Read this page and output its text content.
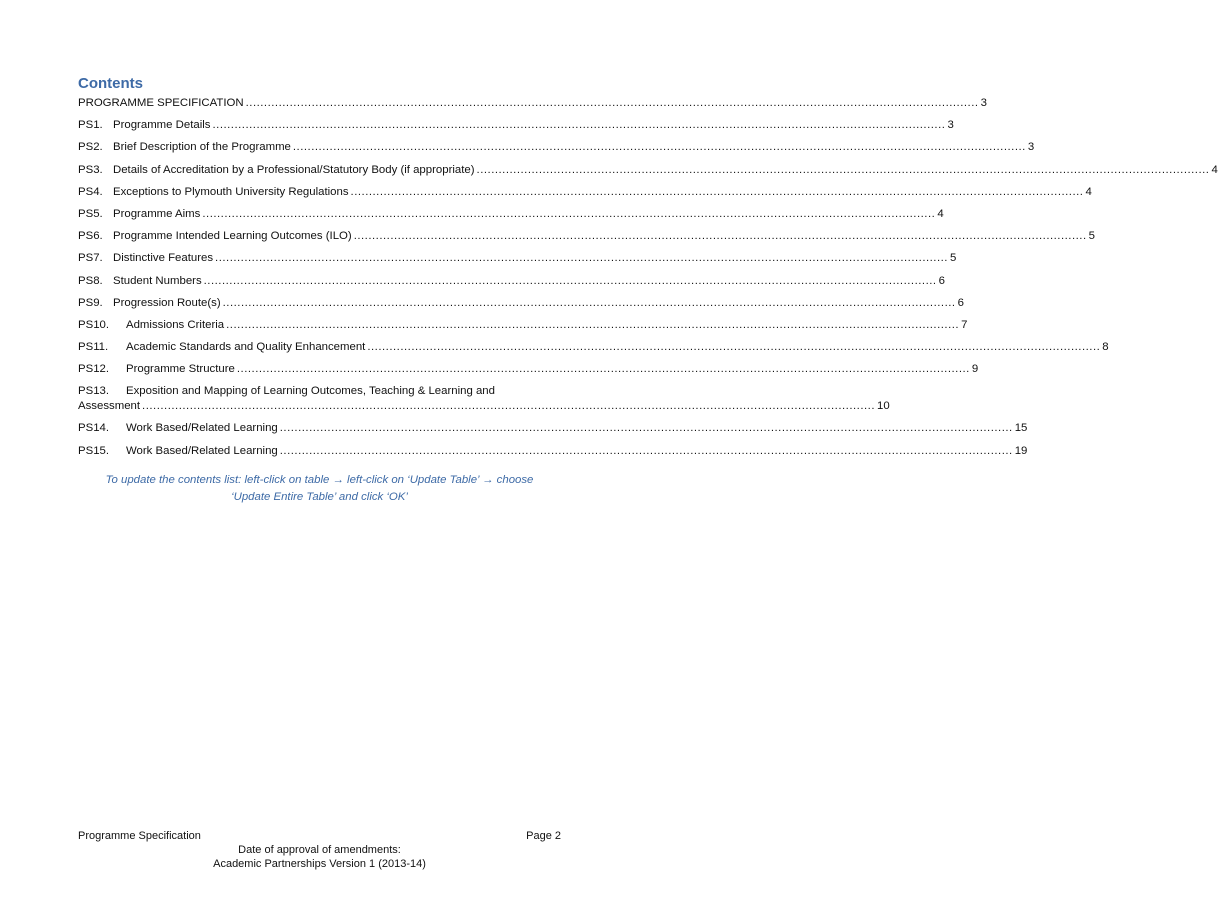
Contents
PROGRAMME SPECIFICATION ........................................................................................................................................................................................................ 3
PS1. Programme Details ........................................................................................................................................................................................................ 3
PS2. Brief Description of the Programme ........................................................................................................................................................................................................ 3
PS3. Details of Accreditation by a Professional/Statutory Body (if appropriate) ........................................................................................................................................................................................................ 4
PS4. Exceptions to Plymouth University Regulations ........................................................................................................................................................................................................ 4
PS5. Programme Aims ........................................................................................................................................................................................................ 4
PS6. Programme Intended Learning Outcomes (ILO) ........................................................................................................................................................................................................ 5
PS7. Distinctive Features ........................................................................................................................................................................................................ 5
PS8. Student Numbers ........................................................................................................................................................................................................ 6
PS9. Progression Route(s) ........................................................................................................................................................................................................ 6
PS10.	Admissions Criteria ........................................................................................................................................................................................................ 7
PS11.	Academic Standards and Quality Enhancement ........................................................................................................................................................................................................ 8
PS12.	Programme Structure ........................................................................................................................................................................................................ 9
PS13.	Exposition and Mapping of Learning Outcomes, Teaching & Learning and
Assessment ........................................................................................................................................................................................................ 10
PS14.	Work Based/Related Learning ........................................................................................................................................................................................................ 15
PS15.	Work Based/Related Learning ........................................................................................................................................................................................................ 19
To update the contents list: left-click on table → left-click on ‘Update Table’ → choose
‘Update Entire Table’ and click ‘OK’
Programme Specification	Page 2
Date of approval of amendments:
Academic Partnerships Version 1 (2013-14)
